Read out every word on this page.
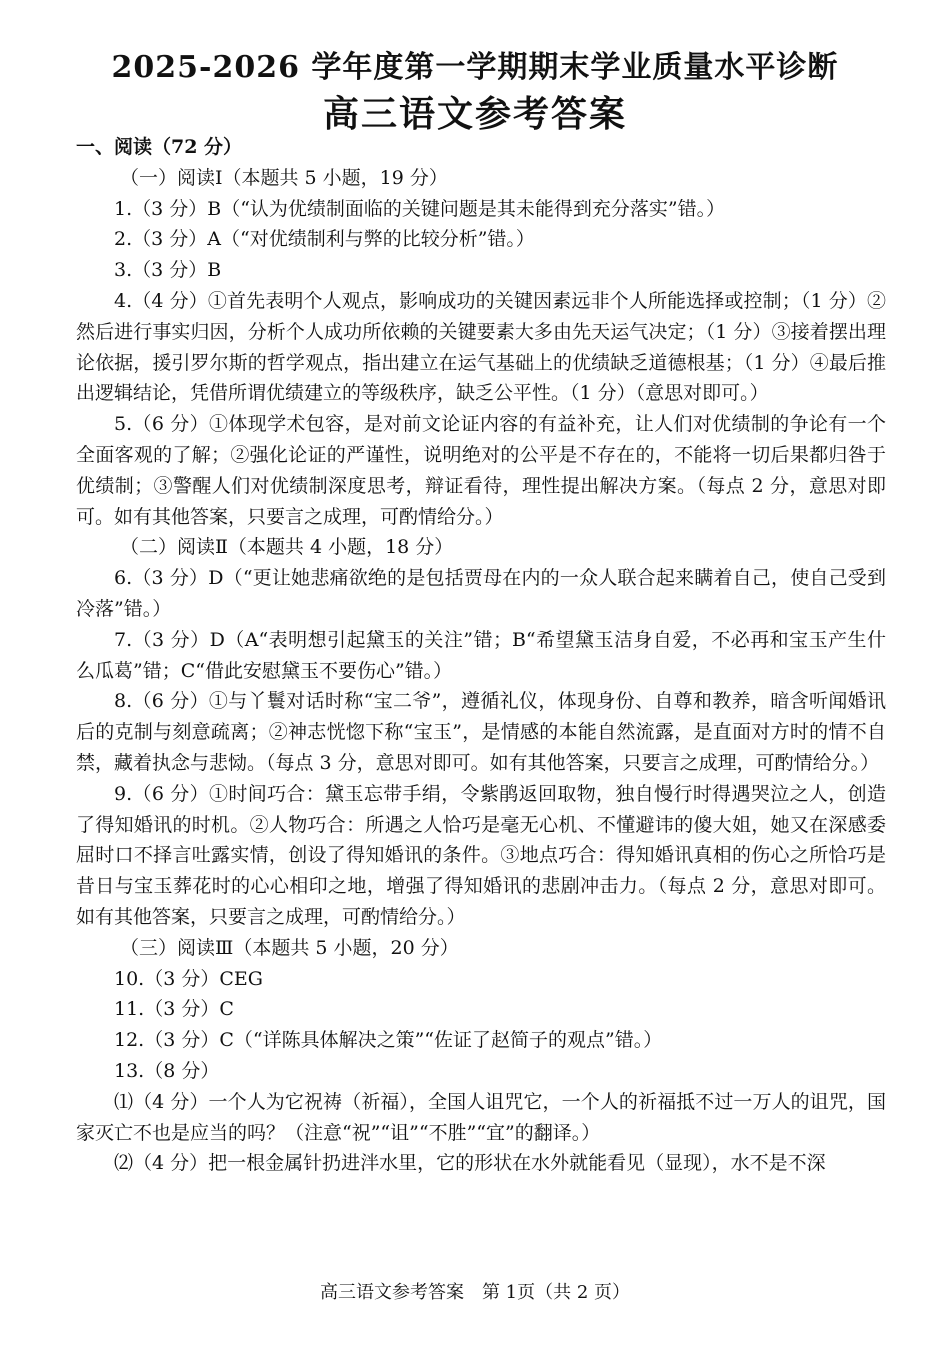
2025-2026 学年度第一学期期末学业质量水平诊断
高三语文参考答案

一、阅读（72 分）

（一）阅读Ⅰ（本题共 5 小题，19 分）

1.（3 分）B（“认为优绩制面临的关键问题是其未能得到充分落实”错。）

2.（3 分）A（“对优绩制利与弊的比较分析”错。）

3.（3 分）B

4.（4 分）①首先表明个人观点，影响成功的关键因素远非个人所能选择或控制；（1 分）②然后进行事实归因，分析个人成功所依赖的关键要素大多由先天运气决定；（1 分）③接着摆出理论依据，援引罗尔斯的哲学观点，指出建立在运气基础上的优绩缺乏道德根基；（1 分）④最后推出逻辑结论，凭借所谓优绩建立的等级秩序，缺乏公平性。（1 分）（意思对即可。）

5.（6 分）①体现学术包容，是对前文论证内容的有益补充，让人们对优绩制的争论有一个全面客观的了解；②强化论证的严谨性，说明绝对的公平是不存在的，不能将一切后果都归咎于优绩制；③警醒人们对优绩制深度思考，辩证看待，理性提出解决方案。（每点 2 分，意思对即可。如有其他答案，只要言之成理，可酌情给分。）

（二）阅读Ⅱ（本题共 4 小题，18 分）

6.（3 分）D（“更让她悲痛欲绝的是包括贾母在内的一众人联合起来瞒着自己，使自己受到冷落”错。）

7.（3 分）D（A“表明想引起黛玉的关注”错；B“希望黛玉洁身自爱，不必再和宝玉产生什么瓜葛”错；C“借此安慰黛玉不要伤心”错。）

8.（6 分）①与丫鬟对话时称“宝二爷”，遵循礼仪，体现身份、自尊和教养，暗含听闻婚讯后的克制与刻意疏离；②神志恍惚下称“宝玉”，是情感的本能自然流露，是直面对方时的情不自禁，藏着执念与悲恸。（每点 3 分，意思对即可。如有其他答案，只要言之成理，可酌情给分。）

9.（6 分）①时间巧合：黛玉忘带手绢，令紫鹃返回取物，独自慢行时得遇哭泣之人，创造了得知婚讯的时机。②人物巧合：所遇之人恰巧是毫无心机、不懂避讳的傻大姐，她又在深感委屈时口不择言吐露实情，创设了得知婚讯的条件。③地点巧合：得知婚讯真相的伤心之所恰巧是昔日与宝玉葬花时的心心相印之地，增强了得知婚讯的悲剧冲击力。（每点 2 分，意思对即可。如有其他答案，只要言之成理，可酌情给分。）

（三）阅读Ⅲ（本题共 5 小题，20 分）

10.（3 分）CEG

11.（3 分）C

12.（3 分）C（“详陈具体解决之策”“佐证了赵简子的观点”错。）

13.（8 分）

⑴（4 分）一个人为它祝祷（祈福），全国人诅咒它，一个人的祈福抵不过一万人的诅咒，国家灭亡不也是应当的吗？（注意“祝”“诅”“不胜”“宜”的翻译。）

⑵（4 分）把一根金属针扔进泮水里，它的形状在水外就能看见（显现），水不是不深

高三语文参考答案　第 1页（共 2 页）
